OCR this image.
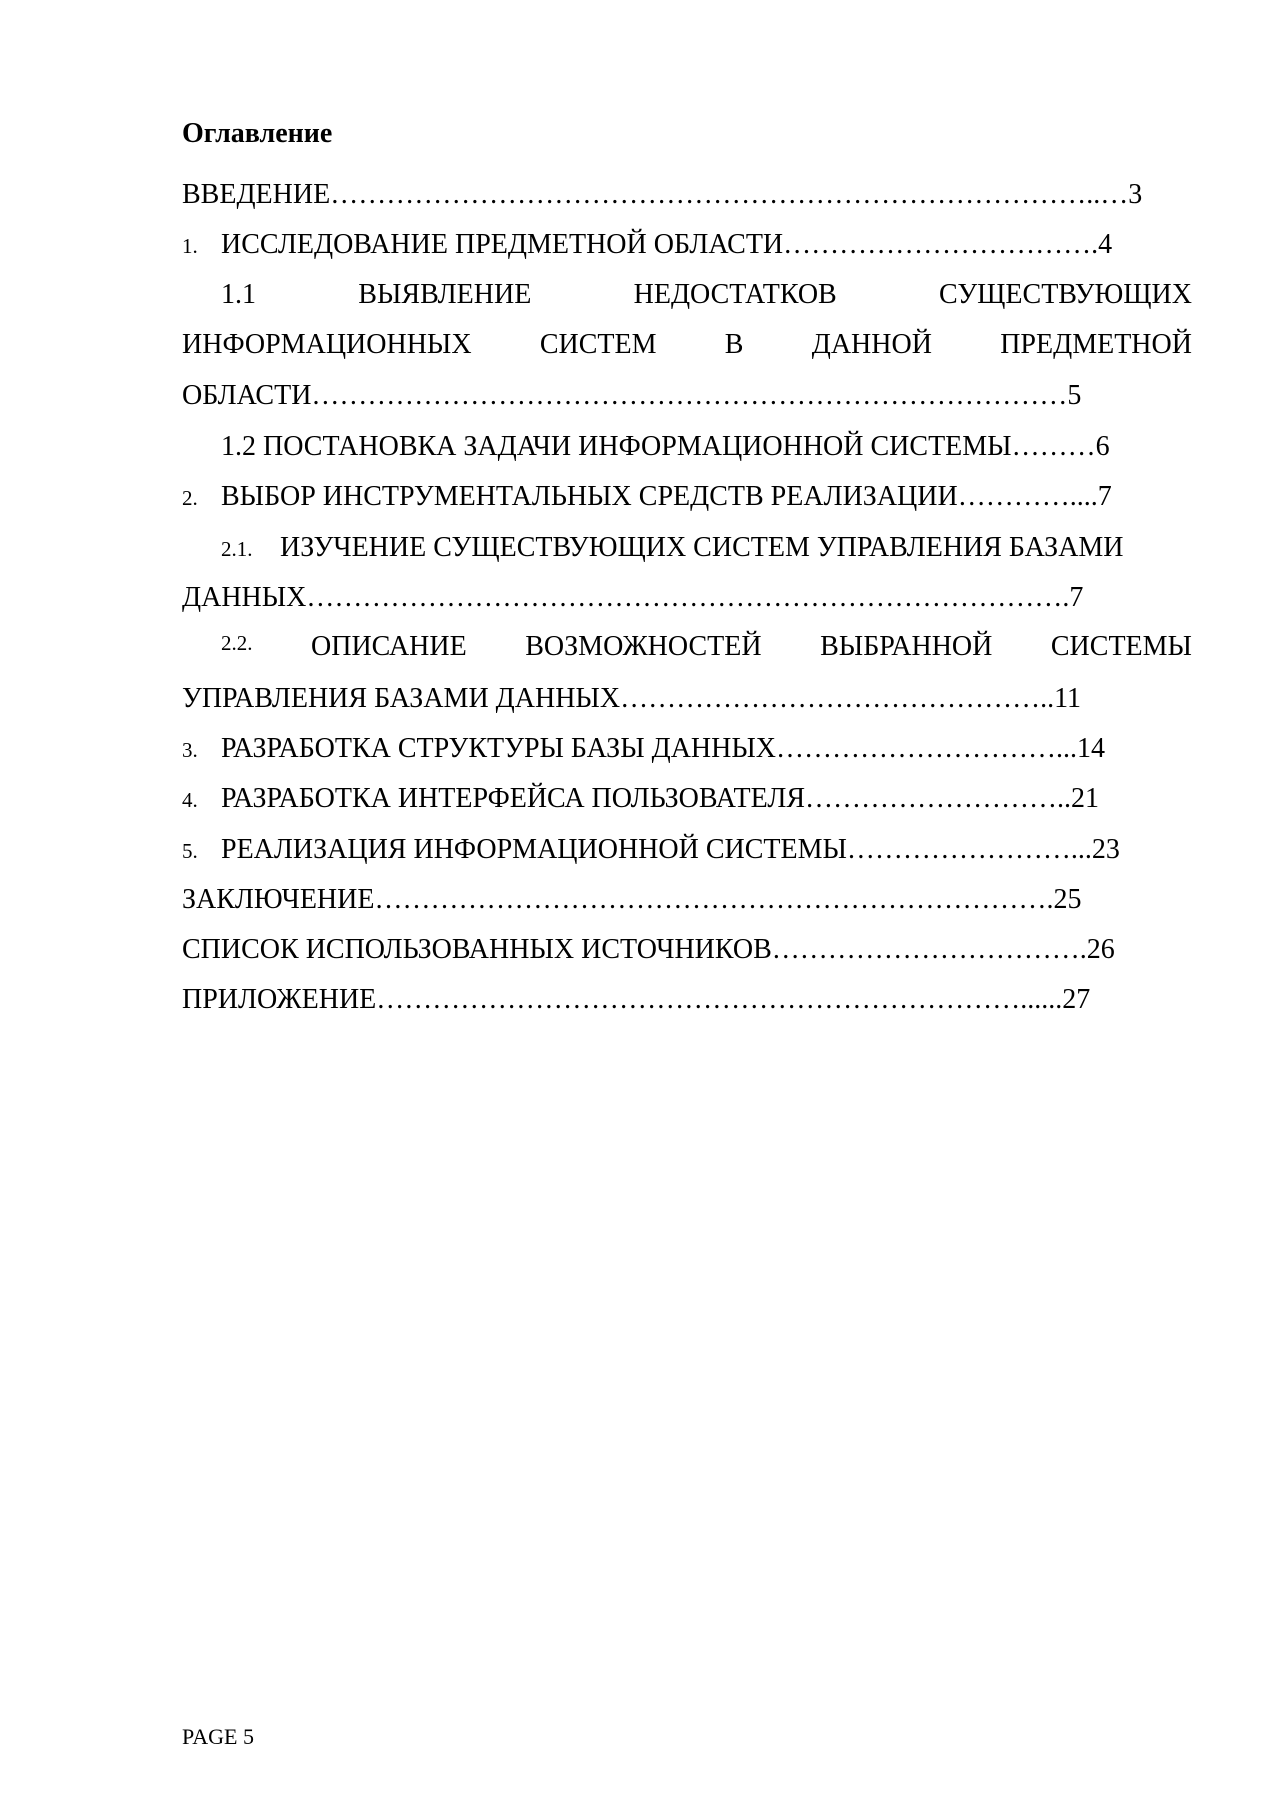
Оглавление
ВВЕДЕНИЕ………………………………………………………………………..…3
1. ИССЛЕДОВАНИЕ ПРЕДМЕТНОЙ ОБЛАСТИ…………………………….4
1.1	ВЫЯВЛЕНИЕ	НЕДОСТАТКОВ	СУЩЕСТВУЮЩИХ
ИНФОРМАЦИОННЫХ СИСТЕМ В ДАННОЙ ПРЕДМЕТНОЙ
ОБЛАСТИ………………………………………………………………………5
1.2 ПОСТАНОВКА ЗАДАЧИ ИНФОРМАЦИОННОЙ СИСТЕМЫ………6
2. ВЫБОР ИНСТРУМЕНТАЛЬНЫХ СРЕДСТВ РЕАЛИЗАЦИИ…………....7
2.1. ИЗУЧЕНИЕ СУЩЕСТВУЮЩИХ СИСТЕМ УПРАВЛЕНИЯ БАЗАМИ
ДАННЫХ……………………………………………………………………….7
2.2. ОПИСАНИЕ ВОЗМОЖНОСТЕЙ ВЫБРАННОЙ СИСТЕМЫ
УПРАВЛЕНИЯ БАЗАМИ ДАННЫХ………………………………………..11
3. РАЗРАБОТКА СТРУКТУРЫ БАЗЫ ДАННЫХ…………………………...14
4. РАЗРАБОТКА ИНТЕРФЕЙСА ПОЛЬЗОВАТЕЛЯ………………………..21
5. РЕАЛИЗАЦИЯ ИНФОРМАЦИОННОЙ СИСТЕМЫ……………………...23
ЗАКЛЮЧЕНИЕ……………………………………………………………….25
СПИСОК ИСПОЛЬЗОВАННЫХ ИСТОЧНИКОВ…………………………….26
ПРИЛОЖЕНИЕ……………………………………………………………......27
PAGE 5
